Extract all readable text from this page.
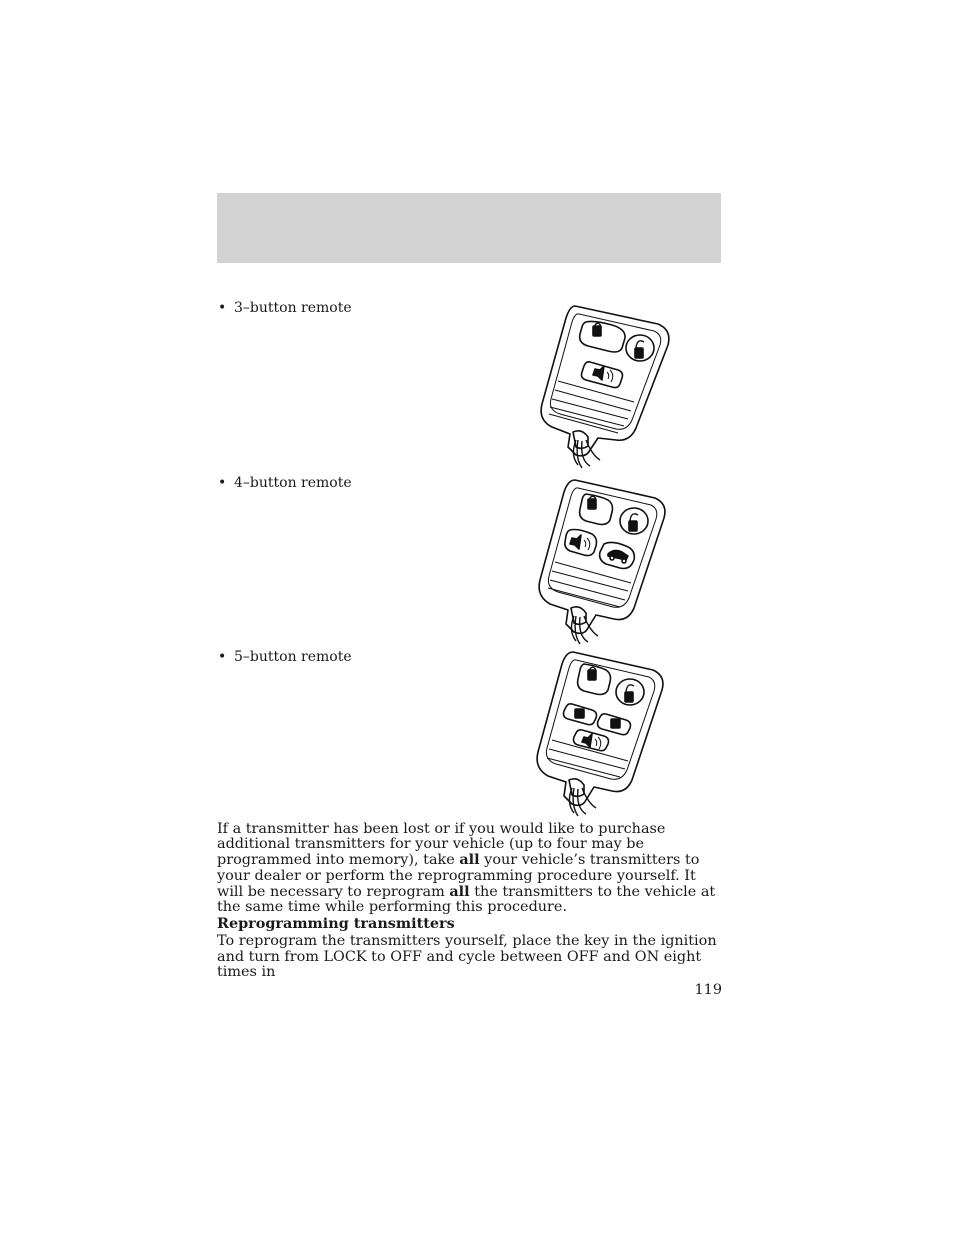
• 3–button remote
• 4–button remote
• 5–button remote

If a transmitter has been lost or if you would like to purchase additional transmitters for your vehicle (up to four may be programmed into memory), take all your vehicle’s transmitters to your dealer or perform the reprogramming procedure yourself. It will be necessary to reprogram all the transmitters to the vehicle at the same time while performing this procedure.

Reprogramming transmitters

To reprogram the transmitters yourself, place the key in the ignition and turn from LOCK to OFF and cycle between OFF and ON eight times in

119
